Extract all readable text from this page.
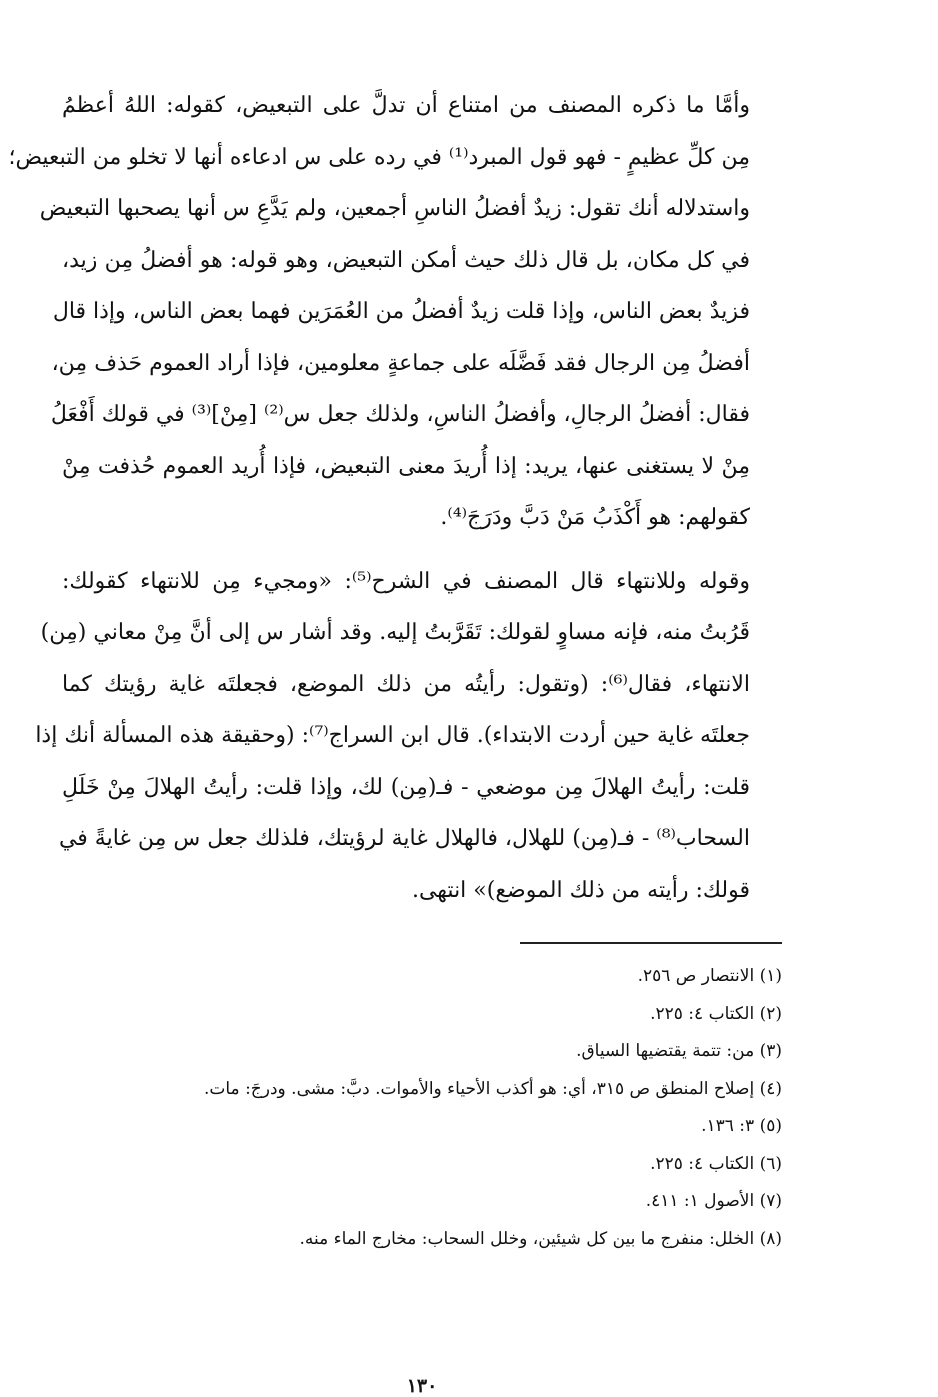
وأمَّا ما ذكره المصنف من امتناع أن تدلَّ على التبعيض، كقوله: اللهُ أعظمُ
مِن كلِّ عظيمٍ - فهو قول المبرد⁽¹⁾ في رده على س ادعاءه أنها لا تخلو من التبعيض؛
واستدلاله أنك تقول: زيدٌ أفضلُ الناسِ أجمعين، ولم يَدَّعِ س أنها يصحبها التبعيض
في كل مكان، بل قال ذلك حيث أمكن التبعيض، وهو قوله: هو أفضلُ مِن زيد،
فزيدٌ بعض الناس، وإذا قلت زيدٌ أفضلُ من العُمَرَين فهما بعض الناس، وإذا قال
أفضلُ مِن الرجال فقد فَضَّلَه على جماعةٍ معلومين، فإذا أراد العموم حَذف مِن،
فقال: أفضلُ الرجالِ، وأفضلُ الناسِ، ولذلك جعل س⁽²⁾ [مِنْ]⁽³⁾ في قولك أَفْعَلُ
مِنْ لا يستغنى عنها، يريد: إذا أُريدَ معنى التبعيض، فإذا أُريد العموم حُذفت مِنْ
كقولهم: هو أَكْذَبُ مَنْ دَبَّ ودَرَجَ⁽⁴⁾.

وقوله وللانتهاء قال المصنف في الشرح⁽⁵⁾: «ومجيء مِن للانتهاء كقولك:
قَرُبتُ منه، فإنه مساوٍ لقولك: تَقَرَّبتُ إليه. وقد أشار س إلى أنَّ مِنْ معاني (مِن)
الانتهاء، فقال⁽⁶⁾: (وتقول: رأيتُه من ذلك الموضع، فجعلتَه غاية رؤيتك كما
جعلتَه غاية حين أردت الابتداء). قال ابن السراج⁽⁷⁾: (وحقيقة هذه المسألة أنك إذا
قلت: رأيتُ الهلالَ مِن موضعي - فـ(مِن) لك، وإذا قلت: رأيتُ الهلالَ مِنْ خَلَلِ
السحاب⁽⁸⁾ - فـ(مِن) للهلال، فالهلال غاية لرؤيتك، فلذلك جعل س مِن غايةً في
قولك: رأيته من ذلك الموضع)» انتهى.

(١) الانتصار ص ٢٥٦.
(٢) الكتاب ٤: ٢٢٥.
(٣) من: تتمة يقتضيها السياق.
(٤) إصلاح المنطق ص ٣١٥، أي: هو أكذب الأحياء والأموات. دبَّ: مشى. ودرجَ: مات.
(٥) ٣: ١٣٦.
(٦) الكتاب ٤: ٢٢٥.
(٧) الأصول ١: ٤١١.
(٨) الخلل: منفرج ما بين كل شيئين، وخلل السحاب: مخارج الماء منه.
١٣٠
